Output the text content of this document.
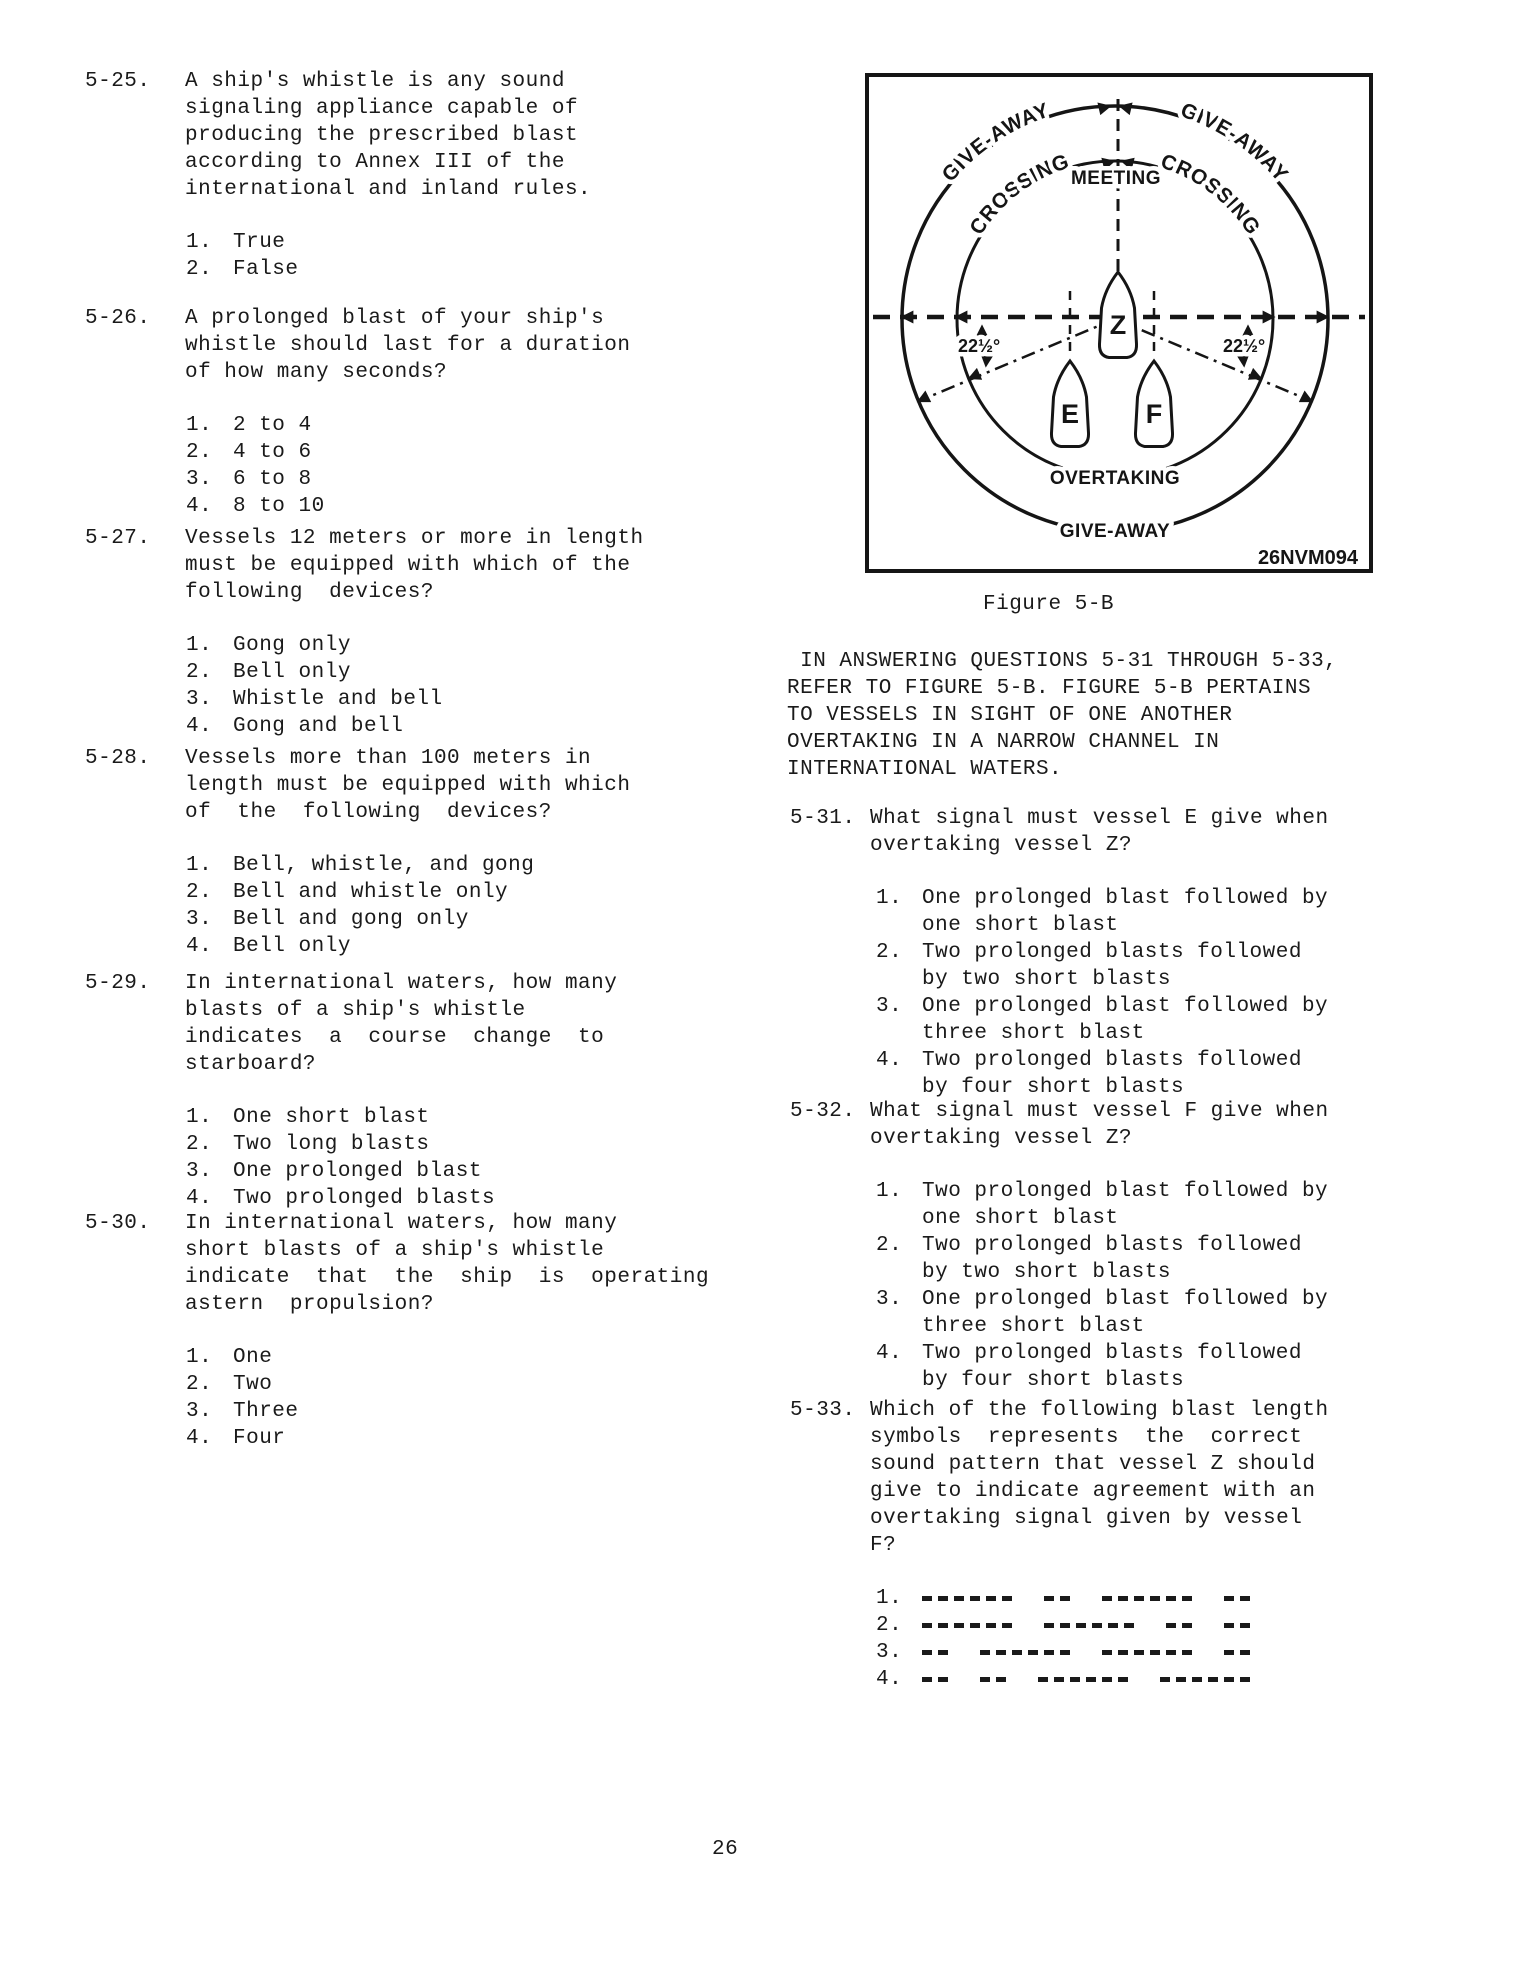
GIVE-AWAY	GIVE-AWAY
CROSSING	CROSSING
MEETING
OVERTAKING
GIVE-AWAY
22½°	22½°
Z
E F
26NVM094
Figure 5-B
IN ANSWERING QUESTIONS 5-31 THROUGH 5-33,
REFER TO FIGURE 5-B. FIGURE 5-B PERTAINS
TO VESSELS IN SIGHT OF ONE ANOTHER
OVERTAKING IN A NARROW CHANNEL IN
INTERNATIONAL WATERS.
5-25.	A ship's whistle is any sound
signaling appliance capable of
producing the prescribed blast
according to Annex III of the
international and inland rules.
1. True
2. False
5-26.	A prolonged blast of your ship's
whistle should last for a duration
of how many seconds?
1. 2 to 4
2. 4 to 6
3. 6 to 8
4. 8 to 10
5-27.	Vessels 12 meters or more in length
must be equipped with which of the
following  devices?
1. Gong only
2. Bell only
3. Whistle and bell
4. Gong and bell
5-28.	Vessels more than 100 meters in
length must be equipped with which
of  the  following  devices?
1. Bell, whistle, and gong
2. Bell and whistle only
3. Bell and gong only
4. Bell only
5-29.	In international waters, how many
blasts of a ship's whistle
indicates  a  course  change  to
starboard?
1. One short blast
2. Two long blasts
3. One prolonged blast
4. Two prolonged blasts
5-30.	In international waters, how many
short blasts of a ship's whistle
indicate  that  the  ship  is  operating
astern  propulsion?
1. One
2. Two
3. Three
4. Four
5-31. What signal must vessel E give when
overtaking vessel Z?
1. One prolonged blast followed by
one short blast
2. Two prolonged blasts followed
by two short blasts
3. One prolonged blast followed by
three short blast
4. Two prolonged blasts followed
by four short blasts
5-32. What signal must vessel F give when
overtaking vessel Z?
1. Two prolonged blast followed by
one short blast
2. Two prolonged blasts followed
by two short blasts
3. One prolonged blast followed by
three short blast
4. Two prolonged blasts followed
by four short blasts
5-33. Which of the following blast length
symbols  represents  the  correct
sound pattern that vessel Z should
give to indicate agreement with an
overtaking signal given by vessel
F?
1.
2.
3.
4.
26
